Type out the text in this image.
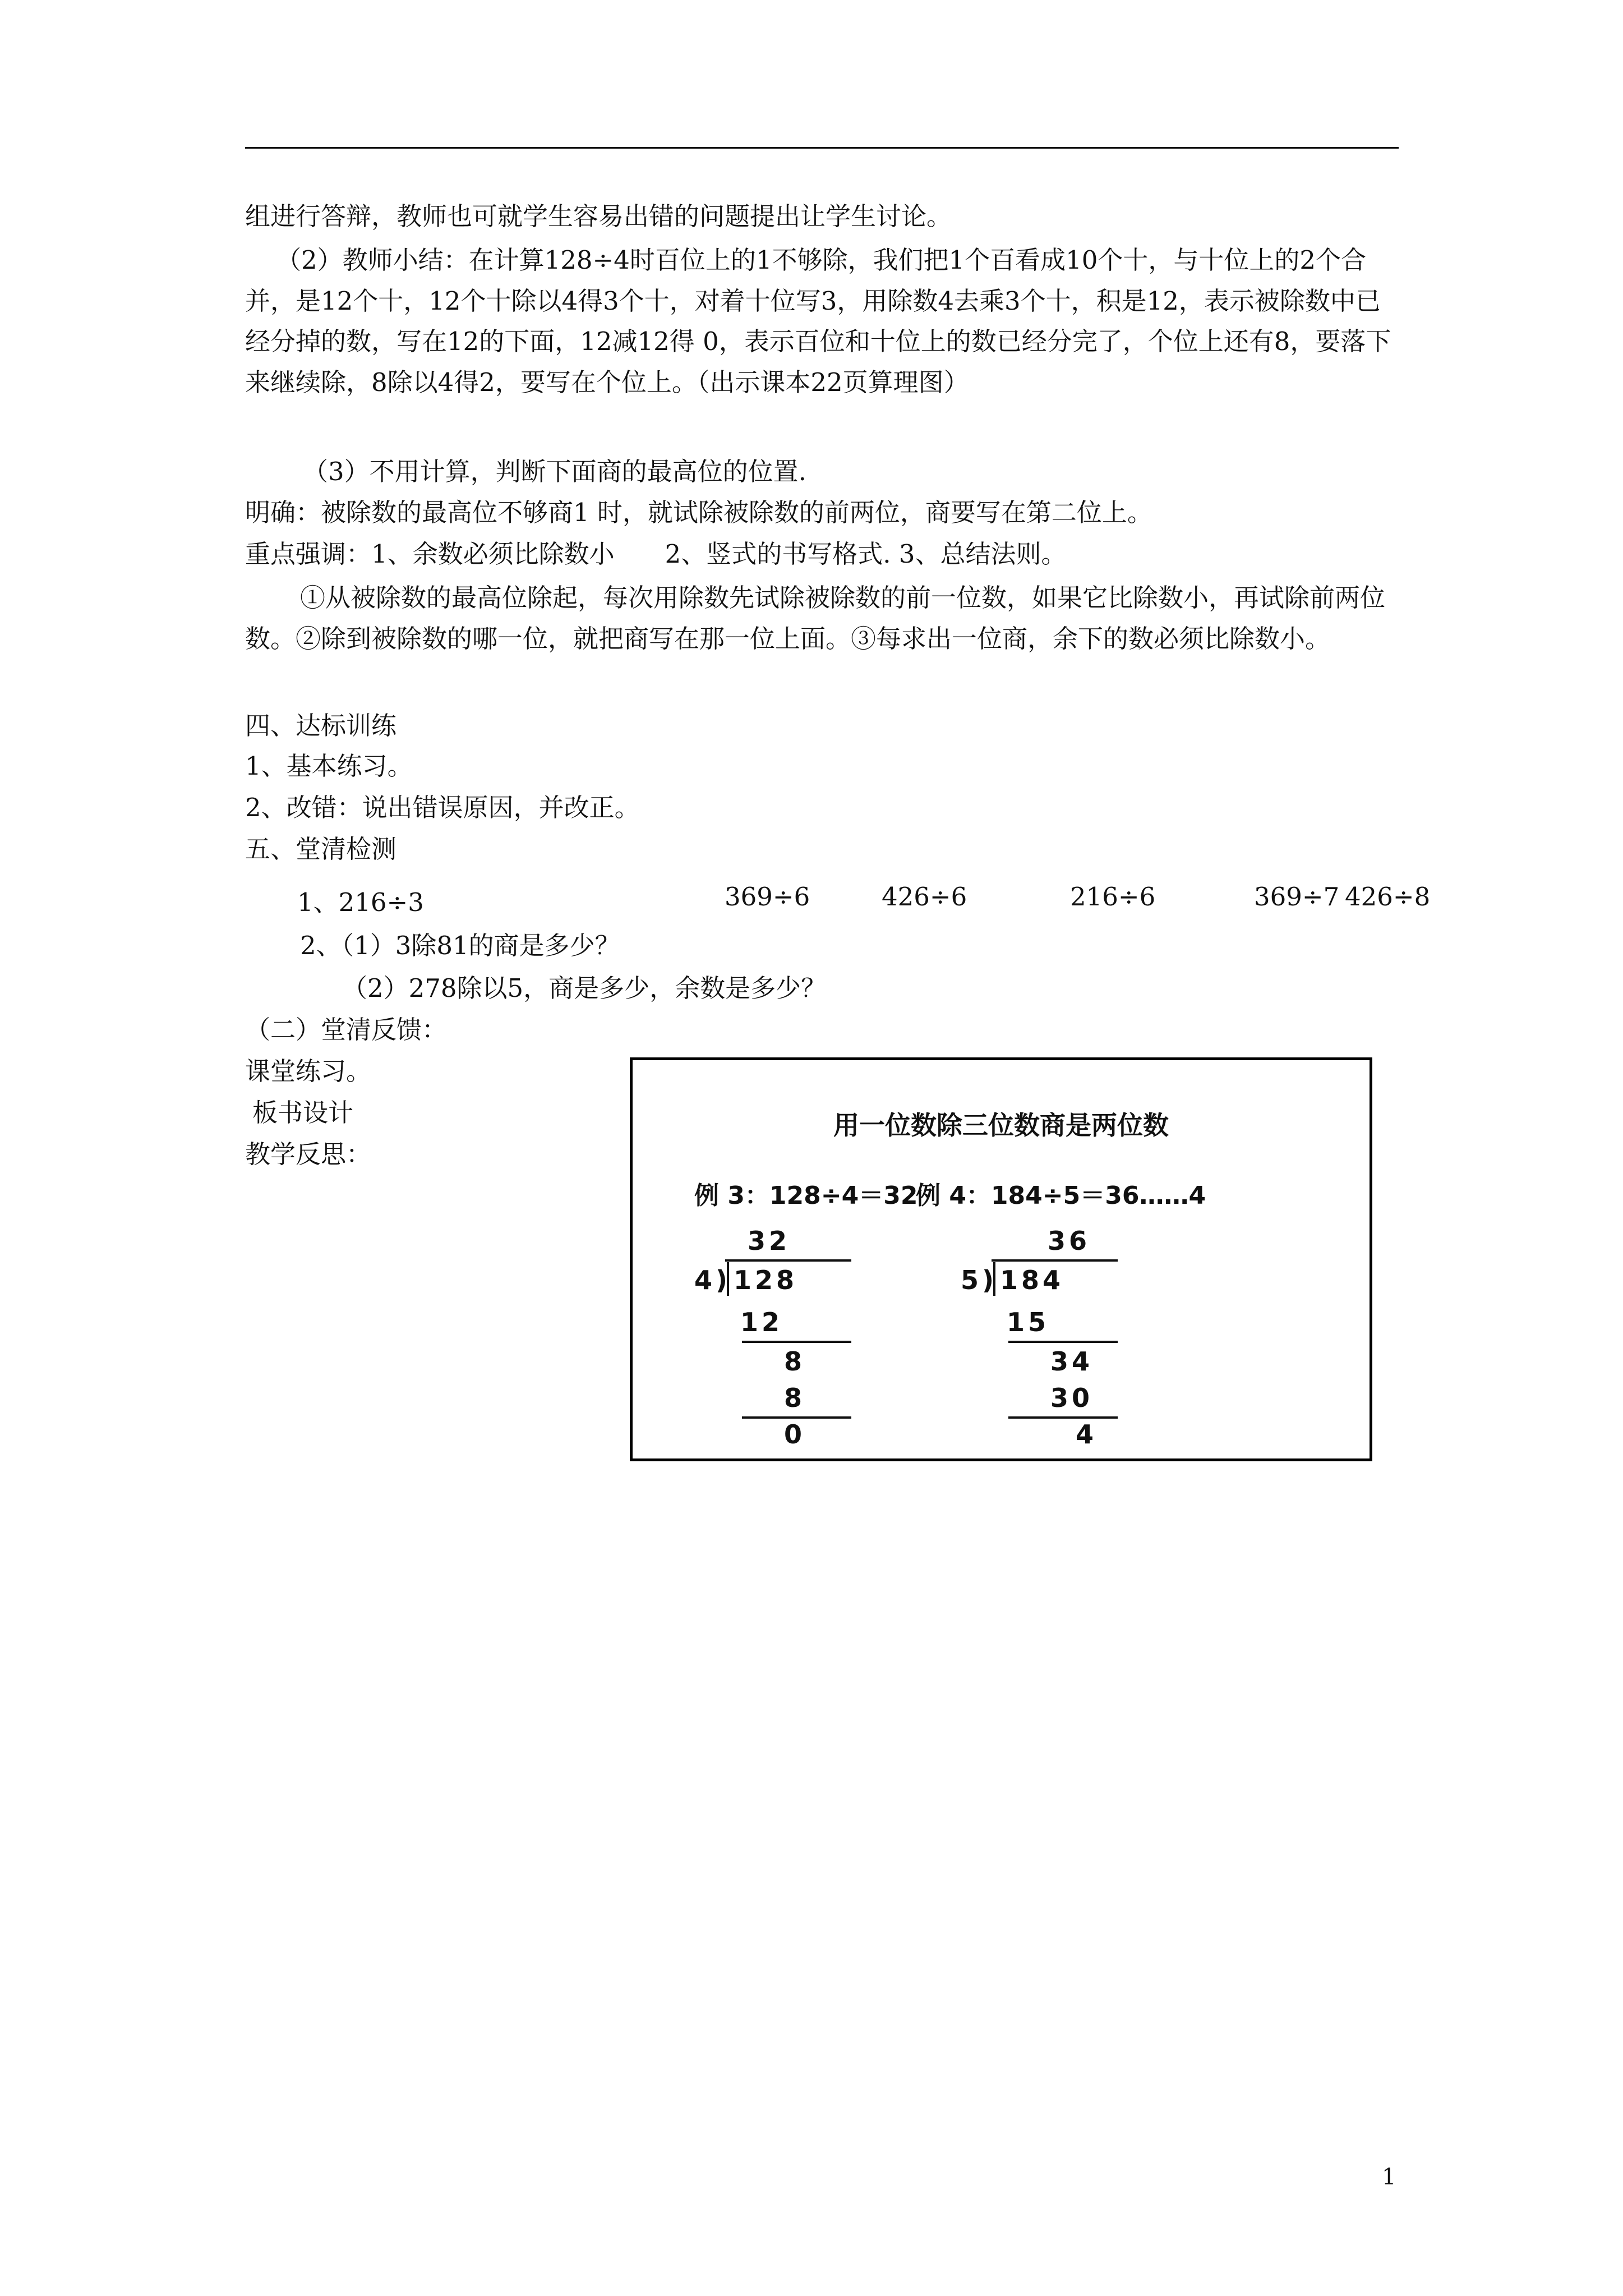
组进行答辩，教师也可就学生容易出错的问题提出让学生讨论。
（2）教师小结：在计算128÷4时百位上的1不够除，我们把1个百看成10个十，与十位上的2个合并，是12个十，12个十除以4得3个十，对着十位写3，用除数4去乘3个十，积是12，表示被除数中已经分掉的数，写在12的下面，12减12得 0，表示百位和十位上的数已经分完了，个位上还有8，要落下来继续除，8除以4得2，要写在个位上。（出示课本22页算理图）
（3）不用计算，判断下面商的最高位的位置.
明确：被除数的最高位不够商1 时，就试除被除数的前两位，商要写在第二位上。
重点强调：1、余数必须比除数小　　2、竖式的书写格式. 3、总结法则。
①从被除数的最高位除起，每次用除数先试除被除数的前一位数，如果它比除数小，再试除前两位数。②除到被除数的哪一位，就把商写在那一位上面。③每求出一位商，余下的数必须比除数小。
四、达标训练
1、基本练习。
2、改错：说出错误原因，并改正。
五、堂清检测
1、216÷3	369÷6	426÷6	216÷6	369÷7 426÷8
2、（1）3除81的商是多少？
（2）278除以5，商是多少，余数是多少？
（二）堂清反馈：
课堂练习。
板书设计
教学反思：
用一位数除三位数商是两位数
例 3：128÷4＝32
例 4：184÷5＝36……4
32
4) 128
12
8
8
0
36
5) 184
15
34
30
4
1
